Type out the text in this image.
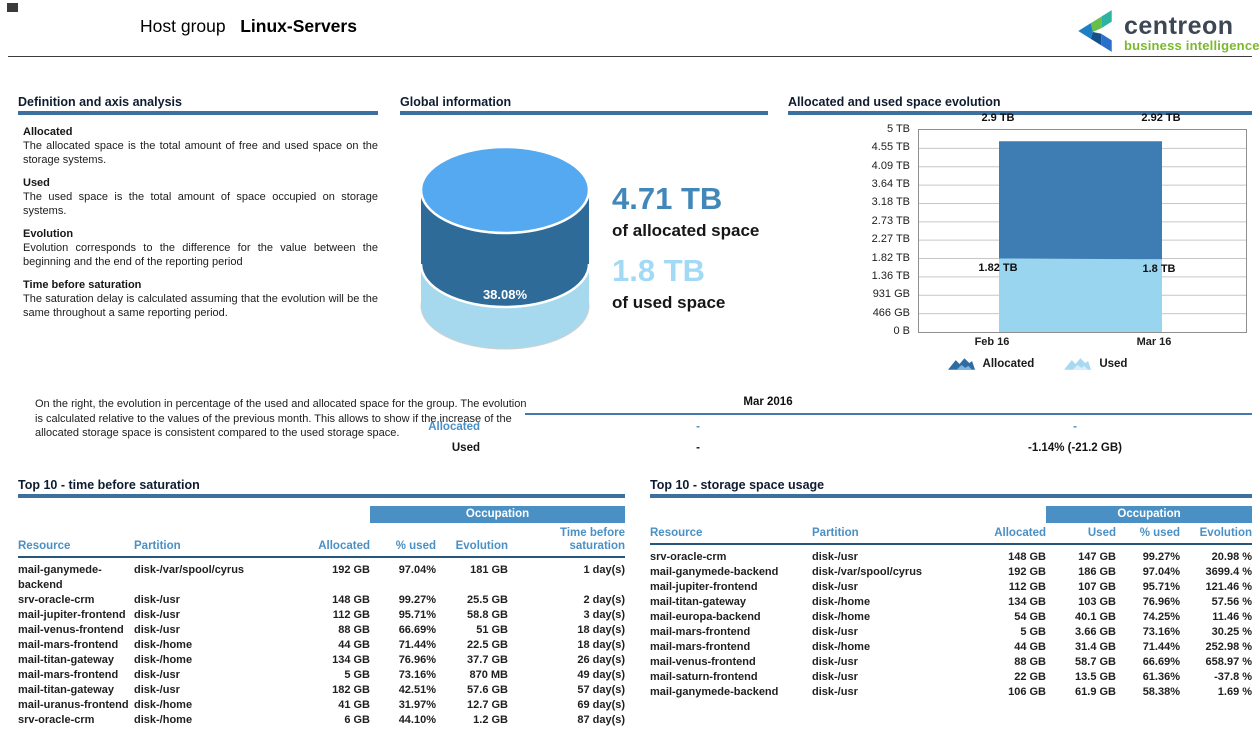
Host group Linux-Servers	centreon
business intelligence
Definition and axis analysis
Allocated

The allocated space is the total amount of free and used space on the storage systems.

Used

The used space is the total amount of space occupied on storage systems.

Evolution

Evolution corresponds to the difference for the value between the beginning and the end of the reporting period

Time before saturation

The saturation delay is calculated assuming that the evolution will be the same throughout a same reporting period.

Global information
38.08%
4.71 TB
of allocated space
1.8 TB
of used space
Allocated and used space evolution
5 TB
4.55 TB
4.09 TB
3.64 TB
3.18 TB
2.73 TB
2.27 TB
1.82 TB
1.36 TB
931 GB
466 GB
0 B
2.9 TB	2.92 TB
1.82 TB	1.8 TB
Feb 16	Mar 16
Allocated	Used
On the right, the evolution in percentage of the used and allocated space for the group. The evolution is calculated relative to the values of the previous month. This allows to show if the increase of the allocated storage space is consistent compared to the used storage space.
Mar 2016
Allocated	-	-
Used	-	-1.14% (-21.2 GB)
Top 10 - time before saturation
			Occupation		
Resource	Partition	Allocated	% used	Evolution	Time before saturation
mail-ganymede-backend	disk-/var/spool/cyrus	192 GB	97.04%	181 GB	1 day(s)
srv-oracle-crm	disk-/usr	148 GB	99.27%	25.5 GB	2 day(s)
mail-jupiter-frontend	disk-/usr	112 GB	95.71%	58.8 GB	3 day(s)
mail-venus-frontend	disk-/usr	88 GB	66.69%	51 GB	18 day(s)
mail-mars-frontend	disk-/home	44 GB	71.44%	22.5 GB	18 day(s)
mail-titan-gateway	disk-/home	134 GB	76.96%	37.7 GB	26 day(s)
mail-mars-frontend	disk-/usr	5 GB	73.16%	870 MB	49 day(s)
mail-titan-gateway	disk-/usr	182 GB	42.51%	57.6 GB	57 day(s)
mail-uranus-frontend	disk-/home	41 GB	31.97%	12.7 GB	69 day(s)
srv-oracle-crm	disk-/home	6 GB	44.10%	1.2 GB	87 day(s)
Top 10 - storage space usage
			Occupation		
Resource	Partition	Allocated	Used	% used	Evolution
srv-oracle-crm	disk-/usr	148 GB	147 GB	99.27%	20.98 %
mail-ganymede-backend	disk-/var/spool/cyrus	192 GB	186 GB	97.04%	3699.4 %
mail-jupiter-frontend	disk-/usr	112 GB	107 GB	95.71%	121.46 %
mail-titan-gateway	disk-/home	134 GB	103 GB	76.96%	57.56 %
mail-europa-backend	disk-/home	54 GB	40.1 GB	74.25%	11.46 %
mail-mars-frontend	disk-/usr	5 GB	3.66 GB	73.16%	30.25 %
mail-mars-frontend	disk-/home	44 GB	31.4 GB	71.44%	252.98 %
mail-venus-frontend	disk-/usr	88 GB	58.7 GB	66.69%	658.97 %
mail-saturn-frontend	disk-/usr	22 GB	13.5 GB	61.36%	-37.8 %
mail-ganymede-backend	disk-/usr	106 GB	61.9 GB	58.38%	1.69 %
